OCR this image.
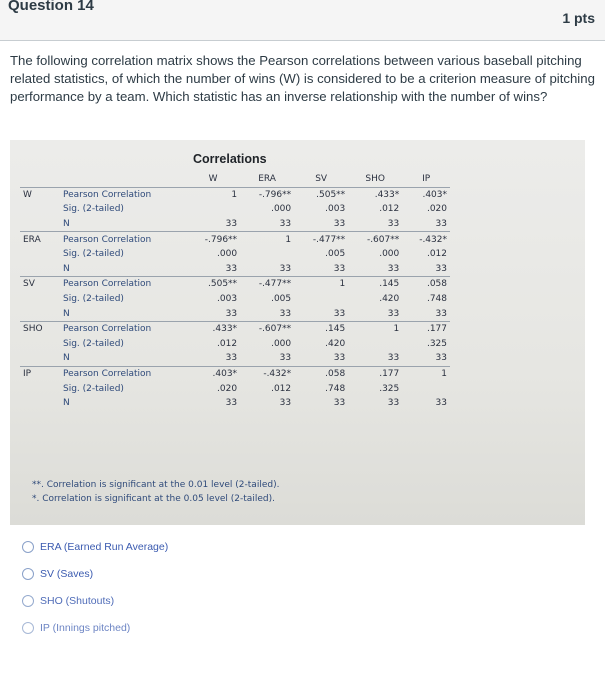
Question 14
1 pts
The following correlation matrix shows the Pearson correlations between various baseball pitching related statistics, of which the number of wins (W) is considered to be a criterion measure of pitching performance by a team. Which statistic has an inverse relationship with the number of wins?
Correlations
		W	ERA	SV	SHO	IP
W	Pearson Correlation	1	-.796**	.505**	.433*	.403*
	Sig. (2-tailed)		.000	.003	.012	.020
	N	33	33	33	33	33
ERA	Pearson Correlation	-.796**	1	-.477**	-.607**	-.432*
	Sig. (2-tailed)	.000		.005	.000	.012
	N	33	33	33	33	33
SV	Pearson Correlation	.505**	-.477**	1	.145	.058
	Sig. (2-tailed)	.003	.005		.420	.748
	N	33	33	33	33	33
SHO	Pearson Correlation	.433*	-.607**	.145	1	.177
	Sig. (2-tailed)	.012	.000	.420		.325
	N	33	33	33	33	33
IP	Pearson Correlation	.403*	-.432*	.058	.177	1
	Sig. (2-tailed)	.020	.012	.748	.325	
	N	33	33	33	33	33
**. Correlation is significant at the 0.01 level (2-tailed).
*. Correlation is significant at the 0.05 level (2-tailed).
ERA (Earned Run Average)
SV (Saves)
SHO (Shutouts)
IP (Innings pitched)
